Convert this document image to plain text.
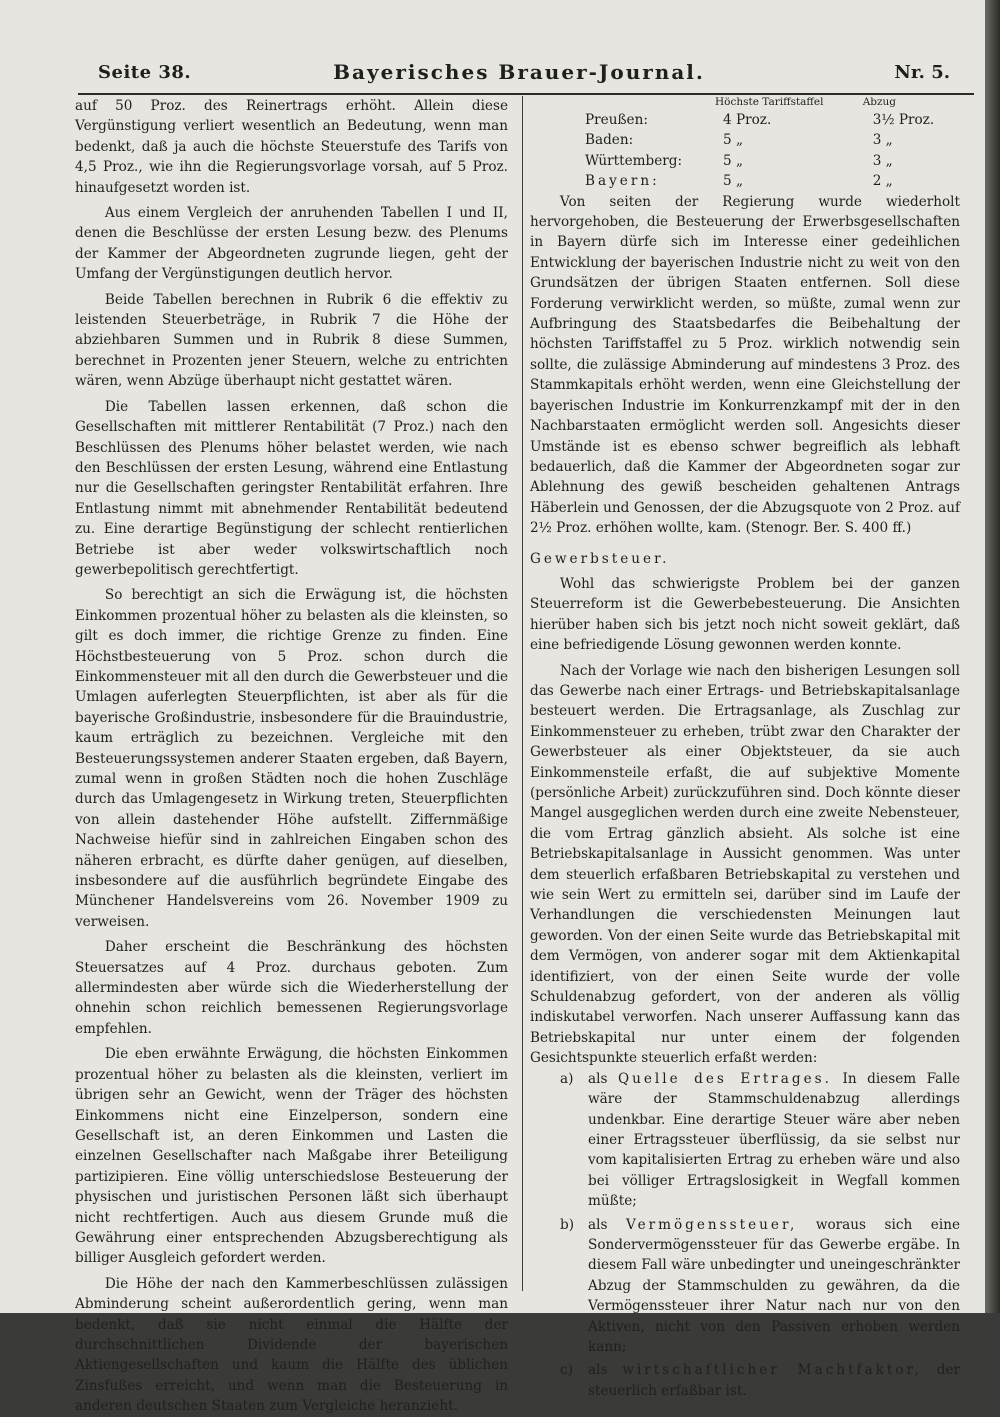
Seite 38.	Bayerisches Brauer-Journal.	Nr. 5.

auf 50 Proz. des Reinertrags erhöht. Allein diese Vergünstigung verliert wesentlich an Bedeutung, wenn man bedenkt, daß ja auch die höchste Steuerstufe des Tarifs von 4,5 Proz., wie ihn die Regierungsvorlage vorsah, auf 5 Proz. hinaufgesetzt worden ist.

Aus einem Vergleich der anruhenden Tabellen I und II, denen die Beschlüsse der ersten Lesung bezw. des Plenums der Kammer der Abgeordneten zugrunde liegen, geht der Umfang der Vergünstigungen deutlich hervor.

Beide Tabellen berechnen in Rubrik 6 die effektiv zu leistenden Steuerbeträge, in Rubrik 7 die Höhe der abziehbaren Summen und in Rubrik 8 diese Summen, berechnet in Prozenten jener Steuern, welche zu entrichten wären, wenn Abzüge überhaupt nicht gestattet wären.

Die Tabellen lassen erkennen, daß schon die Gesellschaften mit mittlerer Rentabilität (7 Proz.) nach den Beschlüssen des Plenums höher belastet werden, wie nach den Beschlüssen der ersten Lesung, während eine Entlastung nur die Gesellschaften geringster Rentabilität erfahren. Ihre Entlastung nimmt mit abnehmender Rentabilität bedeutend zu. Eine derartige Begünstigung der schlecht rentierlichen Betriebe ist aber weder volkswirtschaftlich noch gewerbepolitisch gerechtfertigt.

So berechtigt an sich die Erwägung ist, die höchsten Einkommen prozentual höher zu belasten als die kleinsten, so gilt es doch immer, die richtige Grenze zu finden. Eine Höchstbesteuerung von 5 Proz. schon durch die Einkommensteuer mit all den durch die Gewerbsteuer und die Umlagen auferlegten Steuerpflichten, ist aber als für die bayerische Großindustrie, insbesondere für die Brauindustrie, kaum erträglich zu bezeichnen. Vergleiche mit den Besteuerungssystemen anderer Staaten ergeben, daß Bayern, zumal wenn in großen Städten noch die hohen Zuschläge durch das Umlagengesetz in Wirkung treten, Steuerpflichten von allein dastehender Höhe aufstellt. Ziffernmäßige Nachweise hiefür sind in zahlreichen Eingaben schon des näheren erbracht, es dürfte daher genügen, auf dieselben, insbesondere auf die ausführlich begründete Eingabe des Münchener Handelsvereins vom 26. November 1909 zu verweisen.

Daher erscheint die Beschränkung des höchsten Steuersatzes auf 4 Proz. durchaus geboten. Zum allermindesten aber würde sich die Wiederherstellung der ohnehin schon reichlich bemessenen Regierungsvorlage empfehlen.

Die eben erwähnte Erwägung, die höchsten Einkommen prozentual höher zu belasten als die kleinsten, verliert im übrigen sehr an Gewicht, wenn der Träger des höchsten Einkommens nicht eine Einzelperson, sondern eine Gesellschaft ist, an deren Einkommen und Lasten die einzelnen Gesellschafter nach Maßgabe ihrer Beteiligung partizipieren. Eine völlig unterschiedslose Besteuerung der physischen und juristischen Personen läßt sich überhaupt nicht rechtfertigen. Auch aus diesem Grunde muß die Gewährung einer entsprechenden Abzugsberechtigung als billiger Ausgleich gefordert werden.

Die Höhe der nach den Kammerbeschlüssen zulässigen Abminderung scheint außerordentlich gering, wenn man bedenkt, daß sie nicht einmal die Hälfte der durchschnittlichen Dividende der bayerischen Aktiengesellschaften und kaum die Hälfte des üblichen Zinsfußes erreicht, und wenn man die Besteuerung in anderen deutschen Staaten zum Vergleiche heranzieht.

	Höchste Tariffstaffel	Abzug
Preußen:	4 Proz.	3½ Proz.
Baden:	5 „	3 „
Württemberg:	5 „	3 „
Bayern:	5 „	2 „

Von seiten der Regierung wurde wiederholt hervorgehoben, die Besteuerung der Erwerbsgesellschaften in Bayern dürfe sich im Interesse einer gedeihlichen Entwicklung der bayerischen Industrie nicht zu weit von den Grundsätzen der übrigen Staaten entfernen. Soll diese Forderung verwirklicht werden, so müßte, zumal wenn zur Aufbringung des Staatsbedarfes die Beibehaltung der höchsten Tariffstaffel zu 5 Proz. wirklich notwendig sein sollte, die zulässige Abminderung auf mindestens 3 Proz. des Stammkapitals erhöht werden, wenn eine Gleichstellung der bayerischen Industrie im Konkurrenzkampf mit der in den Nachbarstaaten ermöglicht werden soll. Angesichts dieser Umstände ist es ebenso schwer begreiflich als lebhaft bedauerlich, daß die Kammer der Abgeordneten sogar zur Ablehnung des gewiß bescheiden gehaltenen Antrags Häberlein und Genossen, der die Abzugsquote von 2 Proz. auf 2½ Proz. erhöhen wollte, kam. (Stenogr. Ber. S. 400 ff.)

Gewerbsteuer.

Wohl das schwierigste Problem bei der ganzen Steuerreform ist die Gewerbebesteuerung. Die Ansichten hierüber haben sich bis jetzt noch nicht soweit geklärt, daß eine befriedigende Lösung gewonnen werden konnte.

Nach der Vorlage wie nach den bisherigen Lesungen soll das Gewerbe nach einer Ertrags- und Betriebskapitalsanlage besteuert werden. Die Ertragsanlage, als Zuschlag zur Einkommensteuer zu erheben, trübt zwar den Charakter der Gewerbsteuer als einer Objektsteuer, da sie auch Einkommensteile erfaßt, die auf subjektive Momente (persönliche Arbeit) zurückzuführen sind. Doch könnte dieser Mangel ausgeglichen werden durch eine zweite Nebensteuer, die vom Ertrag gänzlich absieht. Als solche ist eine Betriebskapitalsanlage in Aussicht genommen. Was unter dem steuerlich erfaßbaren Betriebskapital zu verstehen und wie sein Wert zu ermitteln sei, darüber sind im Laufe der Verhandlungen die verschiedensten Meinungen laut geworden. Von der einen Seite wurde das Betriebskapital mit dem Vermögen, von anderer sogar mit dem Aktienkapital identifiziert, von der einen Seite wurde der volle Schuldenabzug gefordert, von der anderen als völlig indiskutabel verworfen. Nach unserer Auffassung kann das Betriebskapital nur unter einem der folgenden Gesichtspunkte steuerlich erfaßt werden:

a) als Quelle des Ertrages. In diesem Falle wäre der Stammschuldenabzug allerdings undenkbar. Eine derartige Steuer wäre aber neben einer Ertragssteuer überflüssig, da sie selbst nur vom kapitalisierten Ertrag zu erheben wäre und also bei völliger Ertragslosigkeit in Wegfall kommen müßte;
b) als Vermögenssteuer, woraus sich eine Sondervermögenssteuer für das Gewerbe ergäbe. In diesem Fall wäre unbedingter und uneingeschränkter Abzug der Stammschulden zu gewähren, da die Vermögenssteuer ihrer Natur nach nur von den Aktiven, nicht von den Passiven erhoben werden kann;
c) als wirtschaftlicher Machtfaktor, der steuerlich erfaßbar ist.
